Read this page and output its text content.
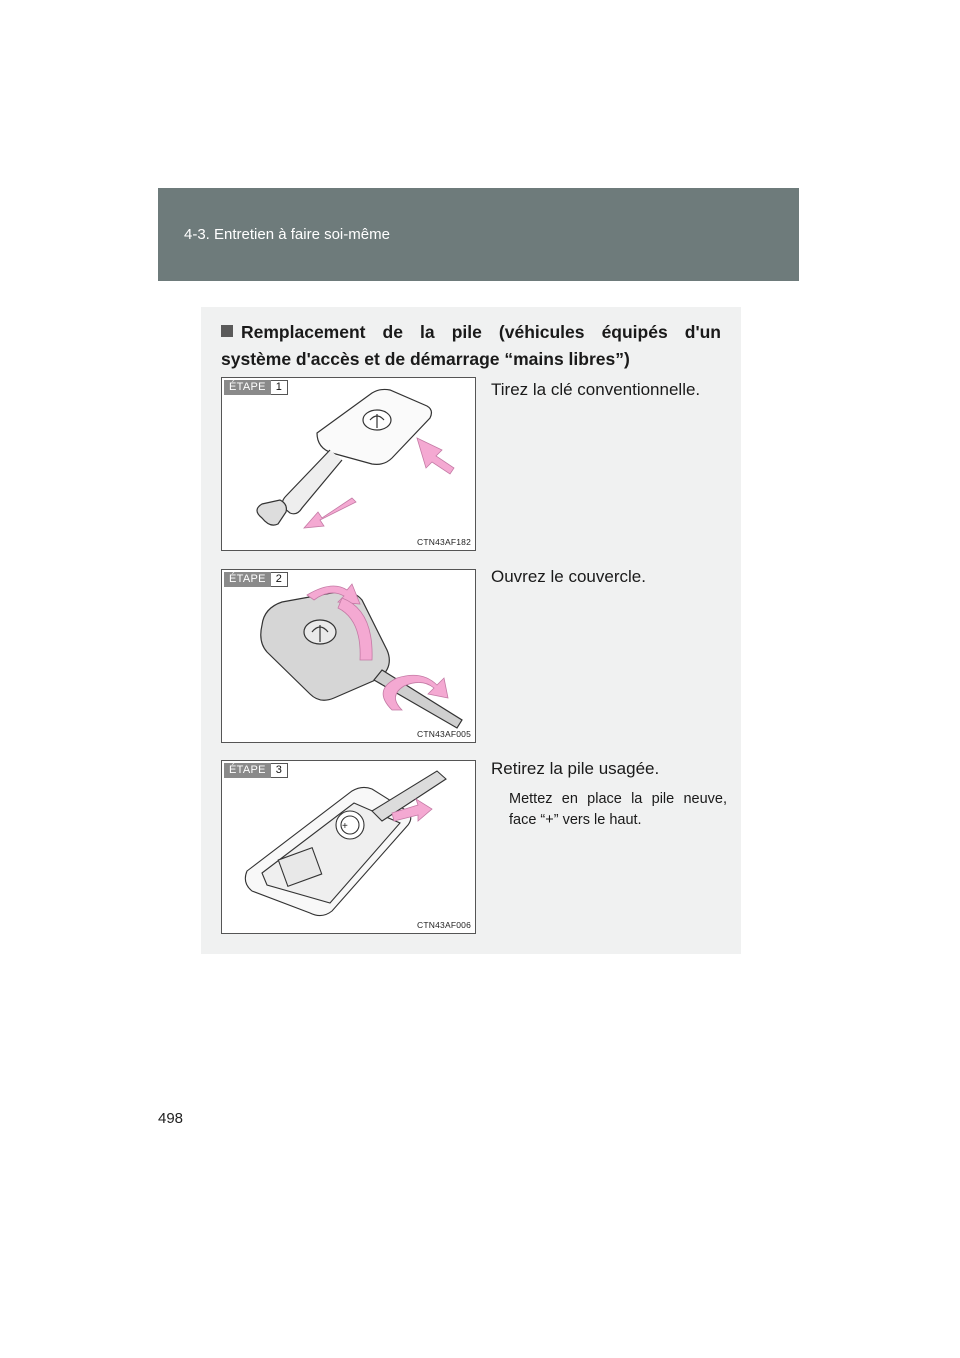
4-3. Entretien à faire soi-même
Remplacement de la pile (véhicules équipés d'un système d'accès et de démarrage “mains libres”)
ÉTAPE 1
CTN43AF182
Tirez la clé conventionnelle.
ÉTAPE 2
CTN43AF005
Ouvrez le couvercle.
+
ÉTAPE 3
CTN43AF006
Retirez la pile usagée.
Mettez en place la pile neuve, face “+” vers le haut.
498
